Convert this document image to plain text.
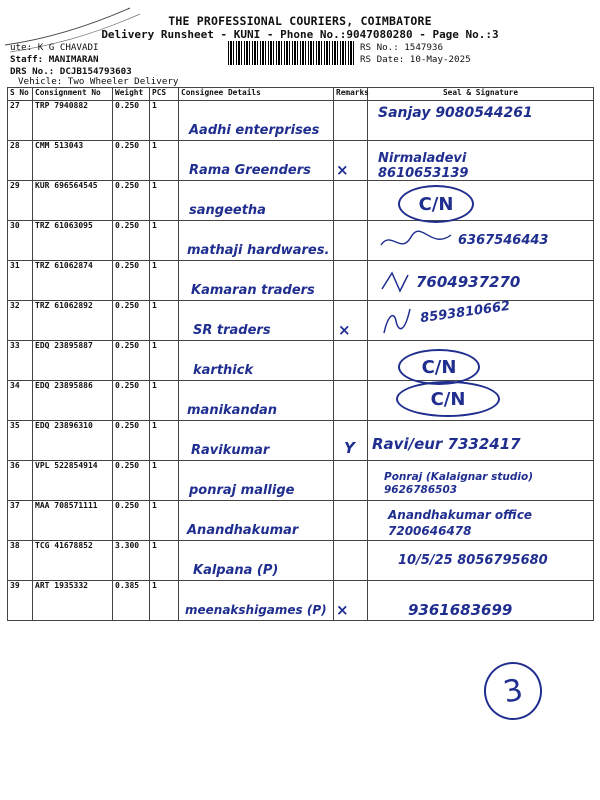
THE PROFESSIONAL COURIERS, COIMBATORE
Delivery Runsheet - KUNI - Phone No.:9047080280 - Page No.:3
ute: K G CHAVADI
Staff: MANIMARAN
DRS No.: DCJB154793603
Vehicle: Two Wheeler Delivery
RS No.: 1547936
RS Date: 10-May-2025
S No	Consignment No	Weight	PCS	Consignee Details	Remarks	Seal & Signature
27	TRP 7940882	0.250	1	Aadhi enterprises		Sanjay 9080544261

28	CMM 513043	0.250	1	Rama Greenders	×	Nirmaladevi 8610653139

29	KUR 696564545	0.250	1	sangeetha		C/N

30	TRZ 61063095	0.250	1	mathaji hardwares.		6367546443

31	TRZ 61062874	0.250	1	Kamaran traders		7604937270

32	TRZ 61062892	0.250	1	SR traders	×	8593810662

33	EDQ 23895887	0.250	1	karthick		C/N

34	EDQ 23895886	0.250	1	manikandan		C/N

35	EDQ 23896310	0.250	1	Ravikumar	Y	Ravi/eur 7332417

36	VPL 522854914	0.250	1	ponraj mallige		Ponraj (Kalaignar studio) 9626786503

37	MAA 708571111	0.250	1	Anandhakumar		Anandhakumar office 7200646478

38	TCG 41678852	3.300	1	Kalpana (P)		10/5/25 8056795680

39	ART 1935332	0.385	1	meenakshigames (P)	×	9361683699
3
